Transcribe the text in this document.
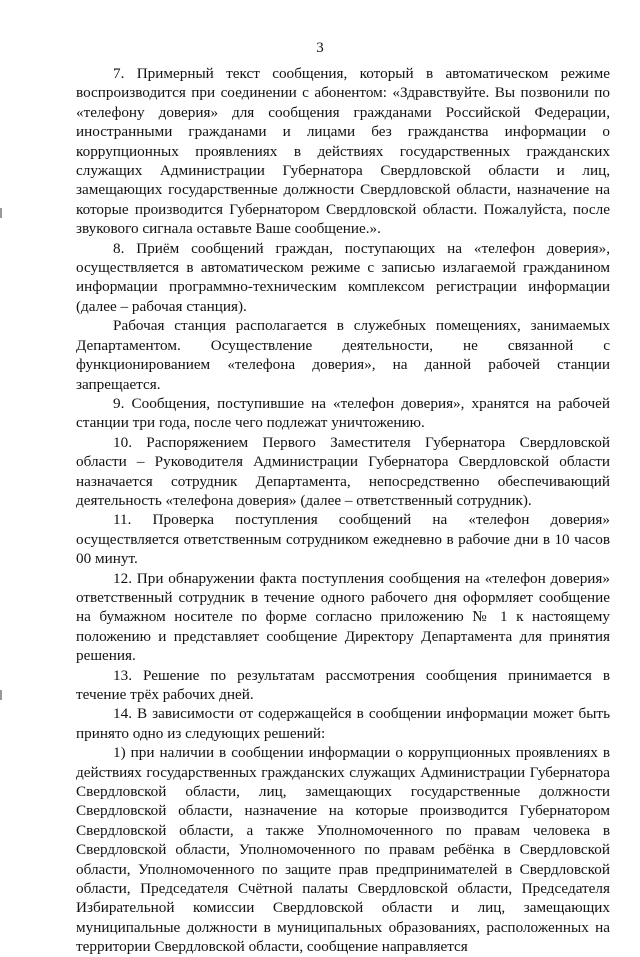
3

7. Примерный текст сообщения, который в автоматическом режиме воспроизводится при соединении с абонентом: «Здравствуйте. Вы позвонили по «телефону доверия» для сообщения гражданами Российской Федерации, иностранными гражданами и лицами без гражданства информации о коррупционных проявлениях в действиях государственных гражданских служащих Администрации Губернатора Свердловской области и лиц, замещающих государственные должности Свердловской области, назначение на которые производится Губернатором Свердловской области. Пожалуйста, после звукового сигнала оставьте Ваше сообщение.».

8. Приём сообщений граждан, поступающих на «телефон доверия», осуществляется в автоматическом режиме с записью излагаемой гражданином информации программно-техническим комплексом регистрации информации (далее – рабочая станция).

Рабочая станция располагается в служебных помещениях, занимаемых Департаментом. Осуществление деятельности, не связанной с функционированием «телефона доверия», на данной рабочей станции запрещается.

9. Сообщения, поступившие на «телефон доверия», хранятся на рабочей станции три года, после чего подлежат уничтожению.

10. Распоряжением Первого Заместителя Губернатора Свердловской области – Руководителя Администрации Губернатора Свердловской области назначается сотрудник Департамента, непосредственно обеспечивающий деятельность «телефона доверия» (далее – ответственный сотрудник).

11. Проверка поступления сообщений на «телефон доверия» осуществляется ответственным сотрудником ежедневно в рабочие дни в 10 часов 00 минут.

12. При обнаружении факта поступления сообщения на «телефон доверия» ответственный сотрудник в течение одного рабочего дня оформляет сообщение на бумажном носителе по форме согласно приложению № 1 к настоящему положению и представляет сообщение Директору Департамента для принятия решения.

13. Решение по результатам рассмотрения сообщения принимается в течение трёх рабочих дней.

14. В зависимости от содержащейся в сообщении информации может быть принято одно из следующих решений:

1) при наличии в сообщении информации о коррупционных проявлениях в действиях государственных гражданских служащих Администрации Губернатора Свердловской области, лиц, замещающих государственные должности Свердловской области, назначение на которые производится Губернатором Свердловской области, а также Уполномоченного по правам человека в Свердловской области, Уполномоченного по правам ребёнка в Свердловской области, Уполномоченного по защите прав предпринимателей в Свердловской области, Председателя Счётной палаты Свердловской области, Председателя Избирательной комиссии Свердловской области и лиц, замещающих муниципальные должности в муниципальных образованиях, расположенных на территории Свердловской области, сообщение направляется
